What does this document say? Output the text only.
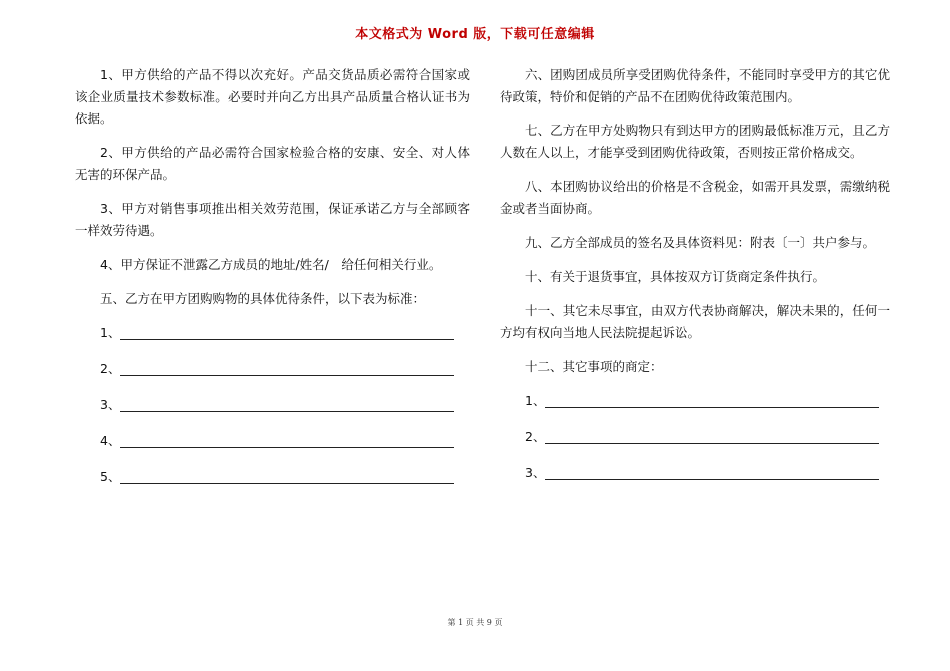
本文格式为 Word 版，下载可任意编辑

1、甲方供给的产品不得以次充好。产品交货品质必需符合国家或该企业质量技术参数标准。必要时并向乙方出具产品质量合格认证书为依据。

2、甲方供给的产品必需符合国家检验合格的安康、安全、对人体无害的环保产品。

3、甲方对销售事项推出相关效劳范围，保证承诺乙方与全部顾客一样效劳待遇。

4、甲方保证不泄露乙方成员的地址/姓名/　给任何相关行业。

五、乙方在甲方团购购物的具体优待条件，以下表为标准：

1、
2、
3、
4、
5、

六、团购团成员所享受团购优待条件，不能同时享受甲方的其它优待政策，特价和促销的产品不在团购优待政策范围内。

七、乙方在甲方处购物只有到达甲方的团购最低标准万元，且乙方人数在人以上，才能享受到团购优待政策，否则按正常价格成交。

八、本团购协议给出的价格是不含税金，如需开具发票，需缴纳税金或者当面协商。

九、乙方全部成员的签名及具体资料见：附表〔一〕共户参与。

十、有关于退货事宜，具体按双方订货商定条件执行。

十一、其它未尽事宜，由双方代表协商解决，解决未果的，任何一方均有权向当地人民法院提起诉讼。

十二、其它事项的商定：

1、
2、
3、
第 1 页 共 9 页
